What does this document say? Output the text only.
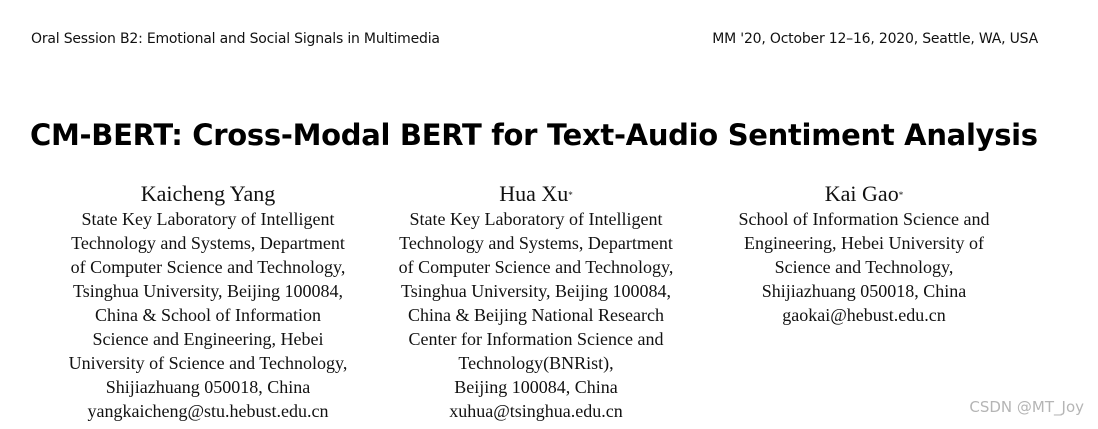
Oral Session B2: Emotional and Social Signals in Multimedia	MM '20, October 12–16, 2020, Seattle, WA, USA
CM-BERT: Cross-Modal BERT for Text-Audio Sentiment Analysis
Kaicheng Yang
State Key Laboratory of Intelligent
Technology and Systems, Department
of Computer Science and Technology,
Tsinghua University, Beijing 100084,
China & School of Information
Science and Engineering, Hebei
University of Science and Technology,
Shijiazhuang 050018, China
yangkaicheng@stu.hebust.edu.cn
Hua Xu*
State Key Laboratory of Intelligent
Technology and Systems, Department
of Computer Science and Technology,
Tsinghua University, Beijing 100084,
China & Beijing National Research
Center for Information Science and
Technology(BNRist),
Beijing 100084, China
xuhua@tsinghua.edu.cn
Kai Gao*
School of Information Science and
Engineering, Hebei University of
Science and Technology,
Shijiazhuang 050018, China
gaokai@hebust.edu.cn
CSDN @MT_Joy
